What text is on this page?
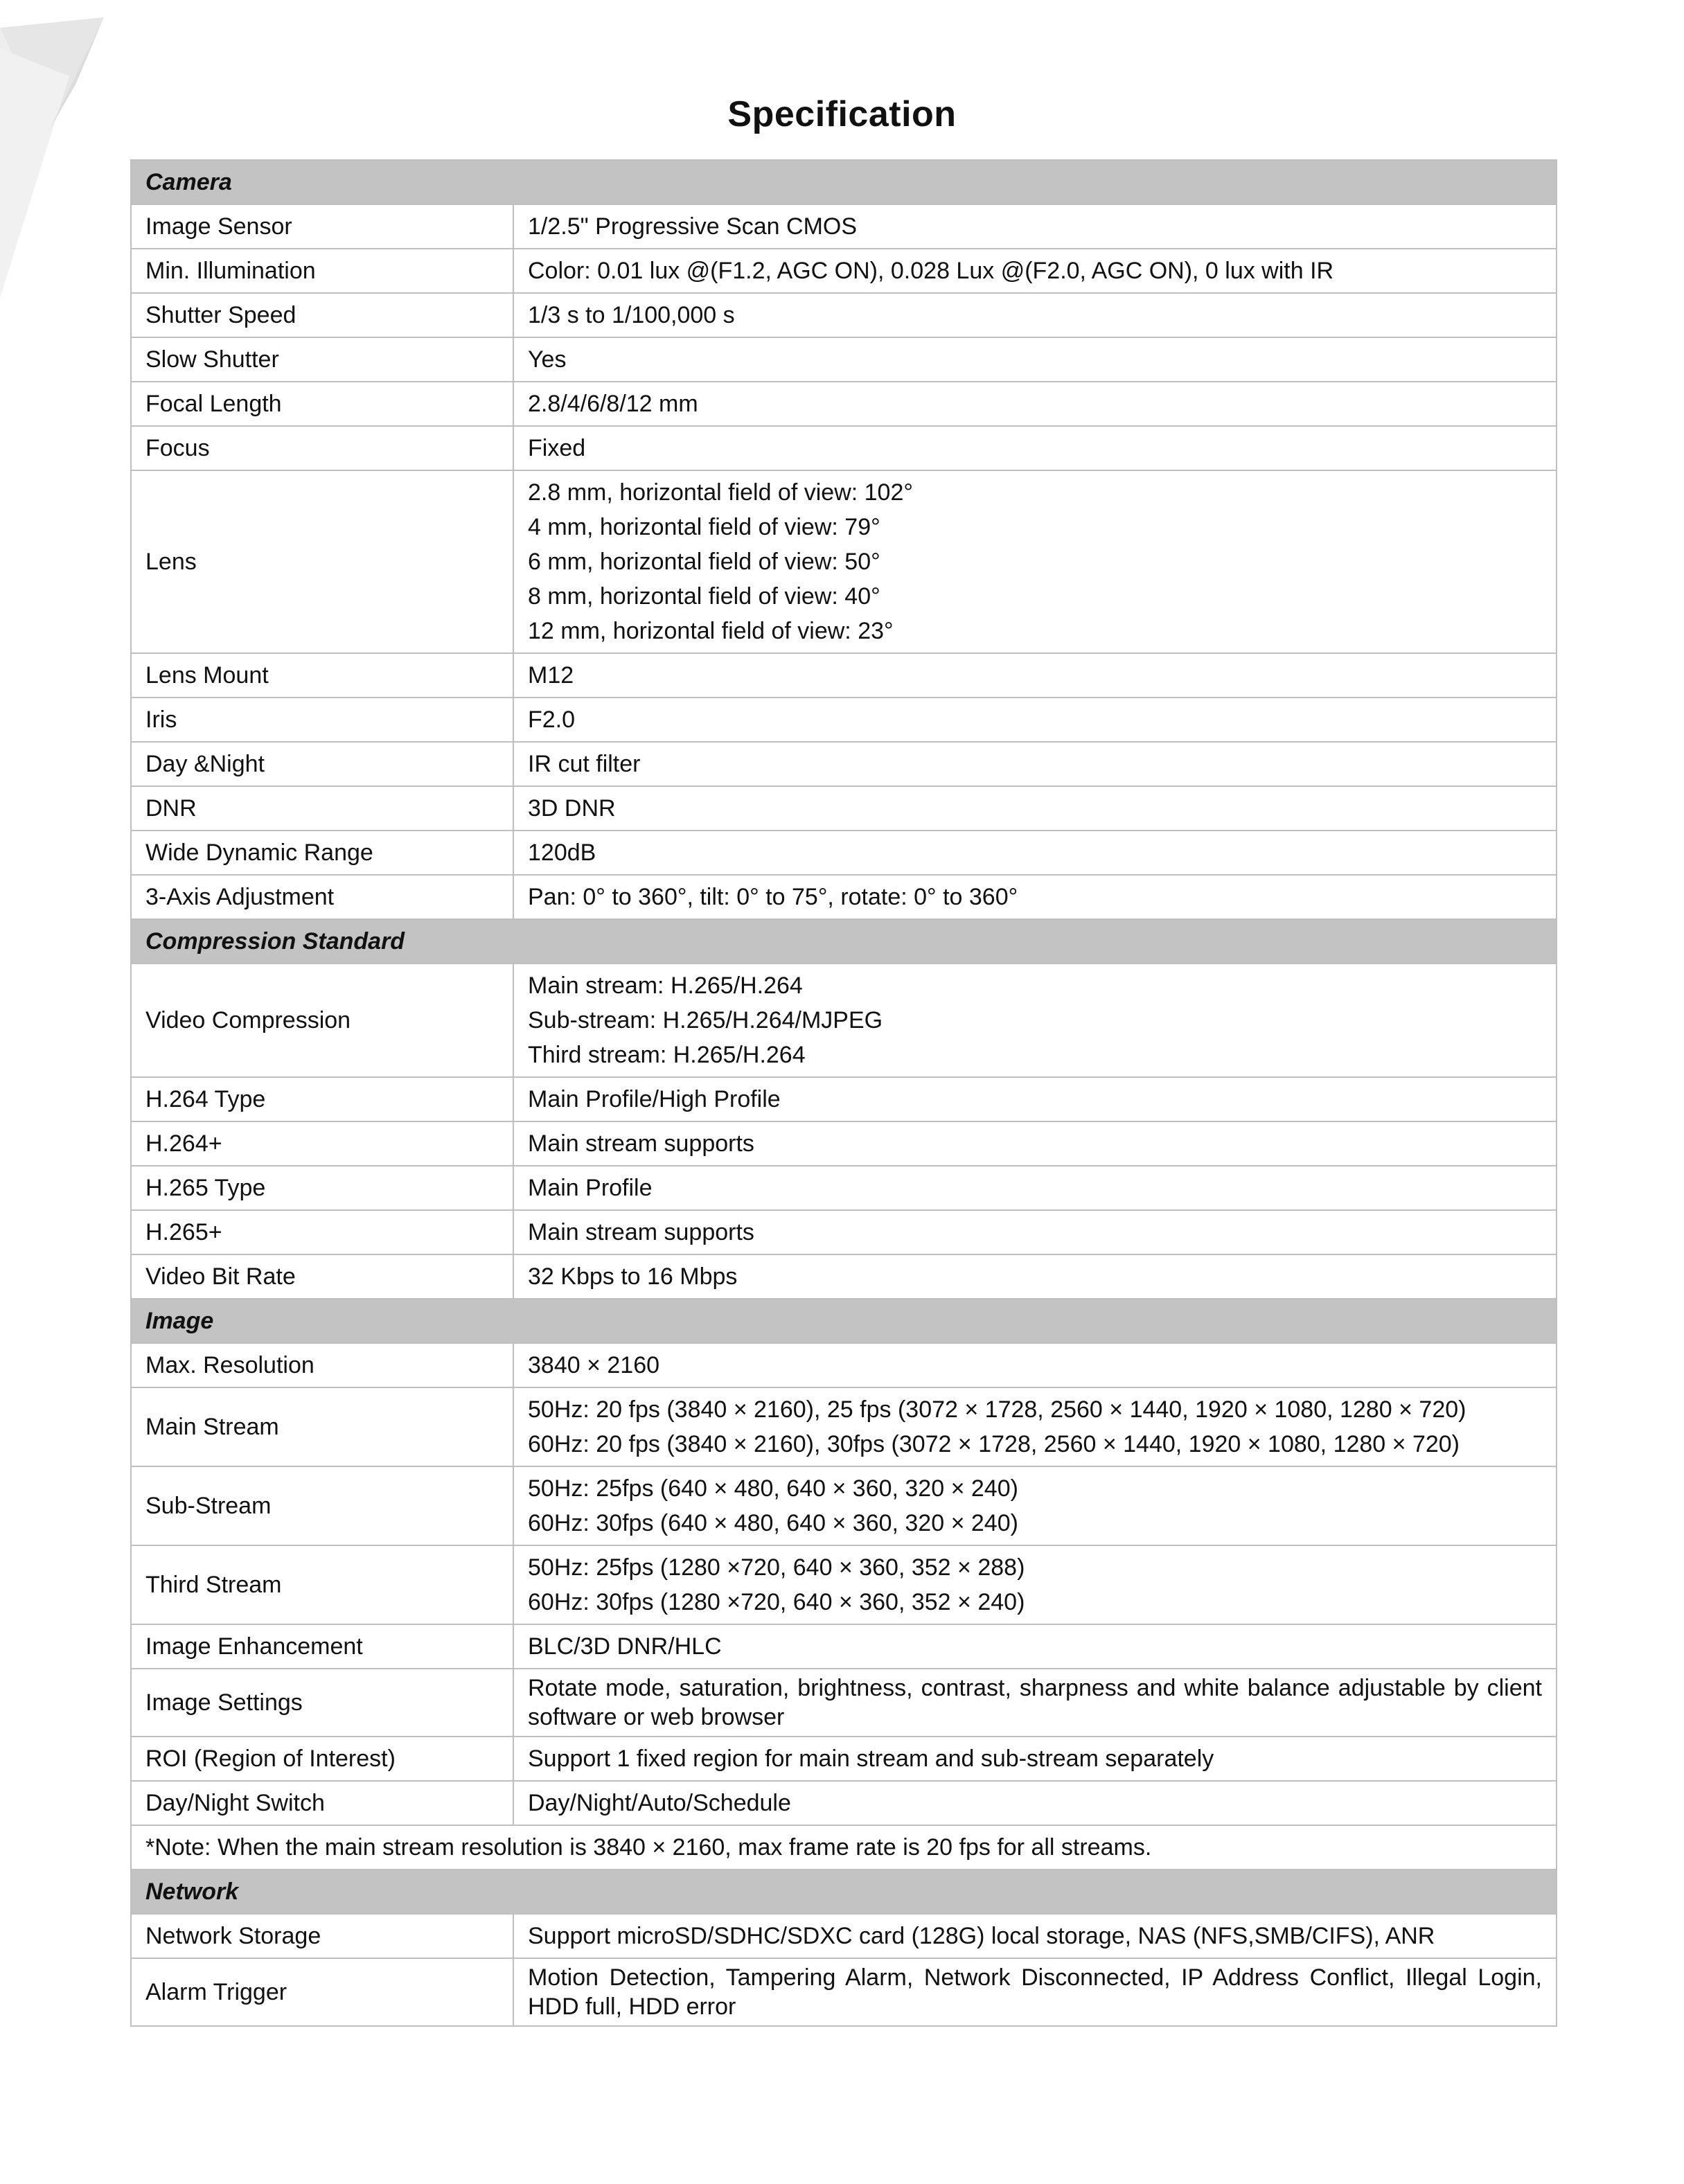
Specification
Camera	
Image Sensor	1/2.5" Progressive Scan CMOS

Min. Illumination	Color: 0.01 lux @(F1.2, AGC ON), 0.028 Lux @(F2.0, AGC ON), 0 lux with IR

Shutter Speed	1/3 s to 1/100,000 s

Slow Shutter	Yes

Focal Length	2.8/4/6/8/12 mm

Focus	Fixed

Lens	2.8 mm, horizontal field of view: 102°
4 mm, horizontal field of view: 79°
6 mm, horizontal field of view: 50°
8 mm, horizontal field of view: 40°
12 mm, horizontal field of view: 23°

Lens Mount	M12

Iris	F2.0

Day &Night	IR cut filter

DNR	3D DNR

Wide Dynamic Range	120dB

3-Axis Adjustment	Pan: 0° to 360°, tilt: 0° to 75°, rotate: 0° to 360°

Compression Standard	
Video Compression	Main stream: H.265/H.264
Sub-stream: H.265/H.264/MJPEG
Third stream: H.265/H.264

H.264 Type	Main Profile/High Profile

H.264+	Main stream supports

H.265 Type	Main Profile

H.265+	Main stream supports

Video Bit Rate	32 Kbps to 16 Mbps

Image	
Max. Resolution	3840 × 2160

Main Stream	50Hz: 20 fps (3840 × 2160), 25 fps (3072 × 1728, 2560 × 1440, 1920 × 1080, 1280 × 720)
60Hz: 20 fps (3840 × 2160), 30fps (3072 × 1728, 2560 × 1440, 1920 × 1080, 1280 × 720)

Sub-Stream	50Hz: 25fps (640 × 480, 640 × 360, 320 × 240)
60Hz: 30fps (640 × 480, 640 × 360, 320 × 240)

Third Stream	50Hz: 25fps (1280 ×720, 640 × 360, 352 × 288)
60Hz: 30fps (1280 ×720, 640 × 360, 352 × 240)

Image Enhancement	BLC/3D DNR/HLC

Image Settings	Rotate mode, saturation, brightness, contrast, sharpness and white balance adjustable by client software or web browser

ROI (Region of Interest)	Support 1 fixed region for main stream and sub-stream separately

Day/Night Switch	Day/Night/Auto/Schedule

*Note: When the main stream resolution is 3840 × 2160, max frame rate is 20 fps for all streams.	
Network	
Network Storage	Support microSD/SDHC/SDXC card (128G) local storage, NAS (NFS,SMB/CIFS), ANR

Alarm Trigger	Motion Detection, Tampering Alarm, Network Disconnected, IP Address Conflict, Illegal Login, HDD full, HDD error
